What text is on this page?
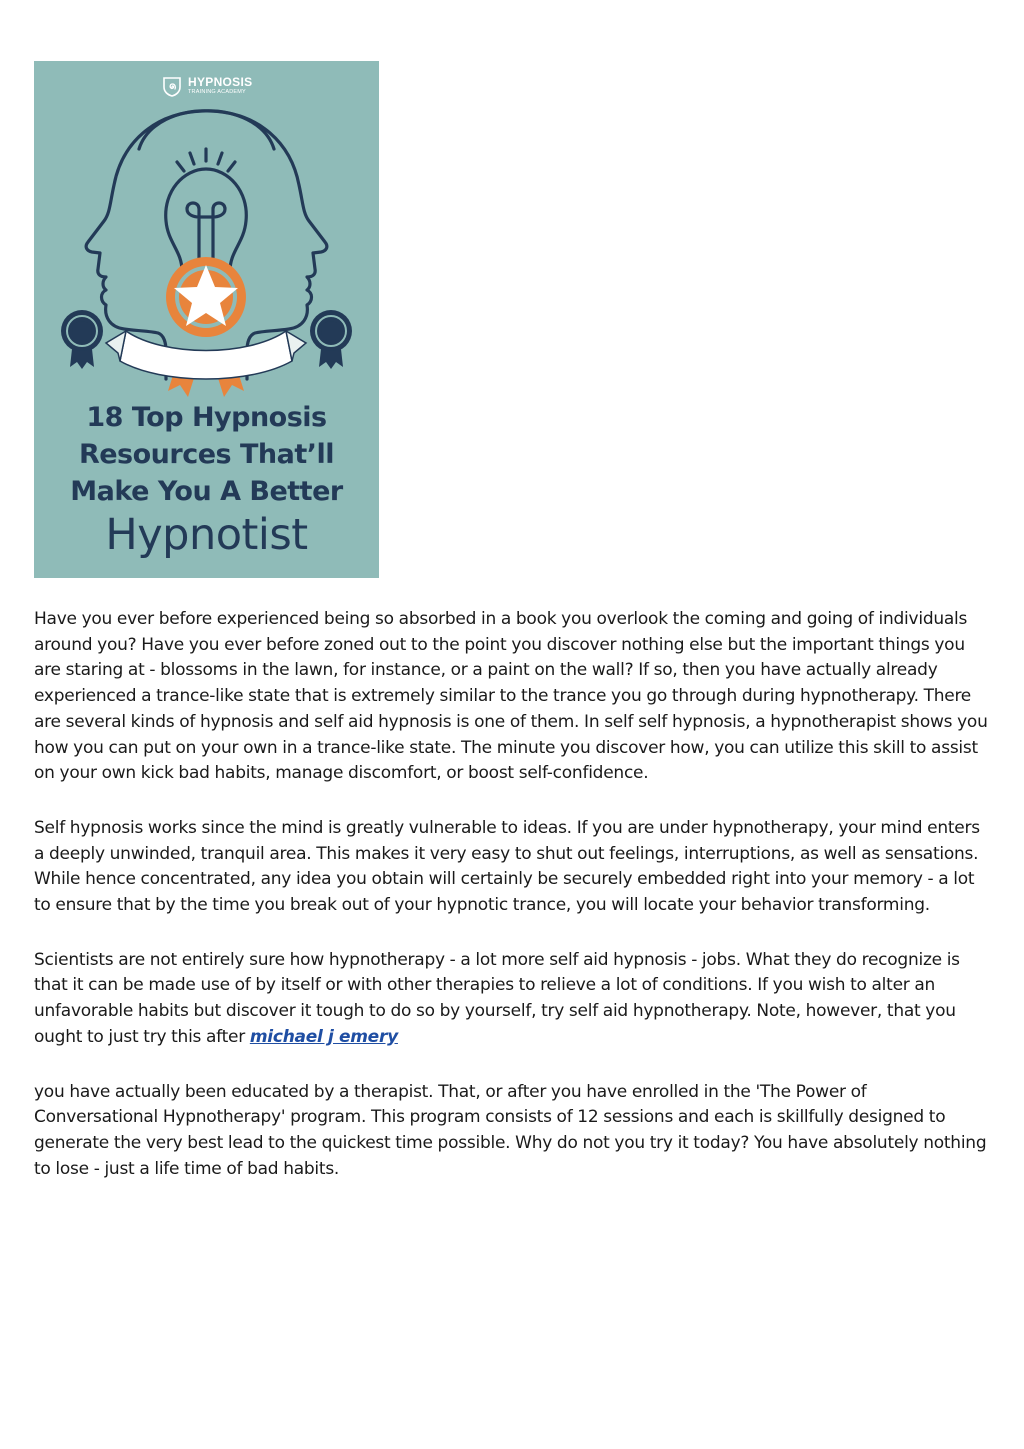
HYPNOSIS
TRAINING ACADEMY
18 Top Hypnosis
Resources That’ll
Make You A Better
Hypnotist

Have you ever before experienced being so absorbed in a book you overlook the coming and going of individuals around you? Have you ever before zoned out to the point you discover nothing else but the important things you are staring at - blossoms in the lawn, for instance, or a paint on the wall? If so, then you have actually already experienced a trance-like state that is extremely similar to the trance you go through during hypnotherapy. There are several kinds of hypnosis and self aid hypnosis is one of them. In self self hypnosis, a hypnotherapist shows you how you can put on your own in a trance-like state. The minute you discover how, you can utilize this skill to assist on your own kick bad habits, manage discomfort, or boost self-confidence.

Self hypnosis works since the mind is greatly vulnerable to ideas. If you are under hypnotherapy, your mind enters a deeply unwinded, tranquil area. This makes it very easy to shut out feelings, interruptions, as well as sensations. While hence concentrated, any idea you obtain will certainly be securely embedded right into your memory - a lot to ensure that by the time you break out of your hypnotic trance, you will locate your behavior transforming.

Scientists are not entirely sure how hypnotherapy - a lot more self aid hypnosis - jobs. What they do recognize is that it can be made use of by itself or with other therapies to relieve a lot of conditions. If you wish to alter an unfavorable habits but discover it tough to do so by yourself, try self aid hypnotherapy. Note, however, that you ought to just try this after michael j emery

you have actually been educated by a therapist. That, or after you have enrolled in the 'The Power of Conversational Hypnotherapy' program. This program consists of 12 sessions and each is skillfully designed to generate the very best lead to the quickest time possible. Why do not you try it today? You have absolutely nothing to lose - just a life time of bad habits.
